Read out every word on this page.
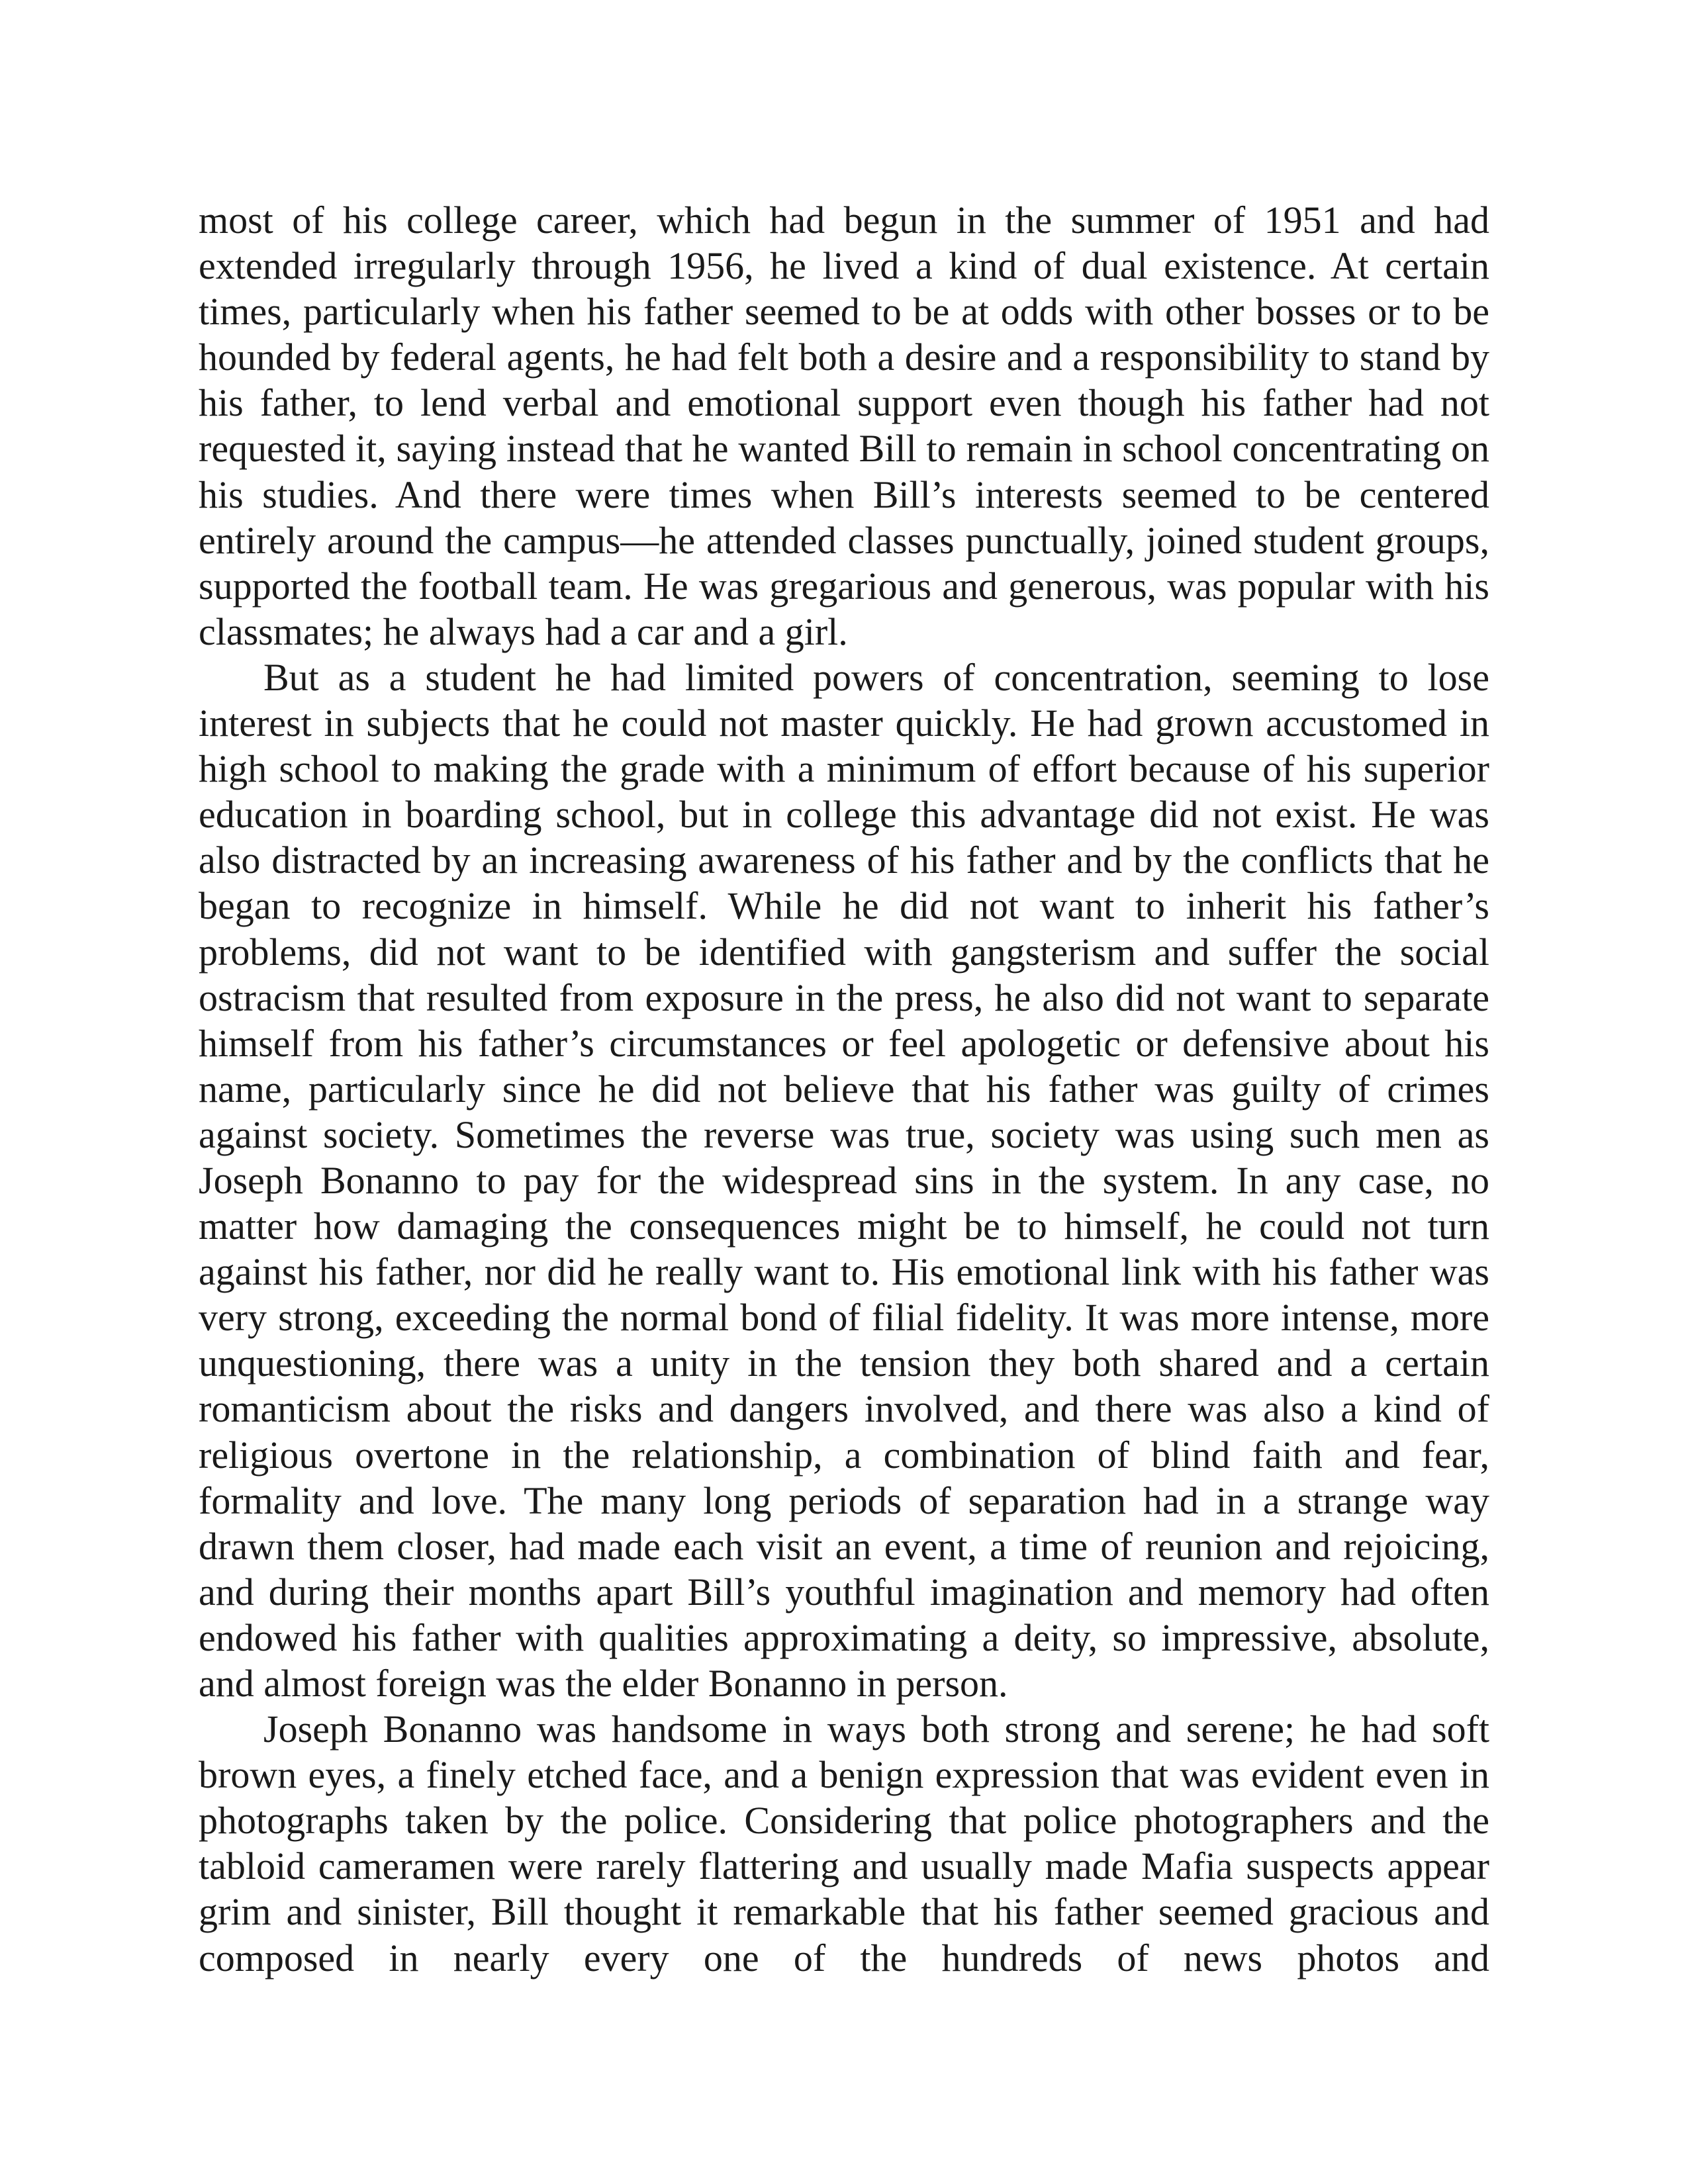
most of his college career, which had begun in the summer of 1951 and had extended irregularly through 1956, he lived a kind of dual existence. At certain times, particularly when his father seemed to be at odds with other bosses or to be hounded by federal agents, he had felt both a desire and a responsibility to stand by his father, to lend verbal and emotional support even though his father had not requested it, saying instead that he wanted Bill to remain in school concentrating on his studies. And there were times when Bill’s interests seemed to be centered entirely around the campus—he attended classes punctually, joined student groups, supported the football team. He was gregarious and generous, was popular with his classmates; he always had a car and a girl.

But as a student he had limited powers of concentration, seeming to lose interest in subjects that he could not master quickly. He had grown accustomed in high school to making the grade with a minimum of effort because of his superior education in boarding school, but in college this advantage did not exist. He was also distracted by an increasing awareness of his father and by the conflicts that he began to recognize in himself. While he did not want to inherit his father’s problems, did not want to be identified with gangsterism and suffer the social ostracism that resulted from exposure in the press, he also did not want to separate himself from his father’s circumstances or feel apologetic or defensive about his name, particularly since he did not believe that his father was guilty of crimes against society. Sometimes the reverse was true, society was using such men as Joseph Bonanno to pay for the widespread sins in the system. In any case, no matter how damaging the consequences might be to himself, he could not turn against his father, nor did he really want to. His emotional link with his father was very strong, exceeding the normal bond of filial fidelity. It was more intense, more unquestioning, there was a unity in the tension they both shared and a certain romanticism about the risks and dangers involved, and there was also a kind of religious overtone in the relationship, a combination of blind faith and fear, formality and love. The many long periods of separation had in a strange way drawn them closer, had made each visit an event, a time of reunion and rejoicing, and during their months apart Bill’s youthful imagination and memory had often endowed his father with qualities approximating a deity, so impressive, absolute, and almost foreign was the elder Bonanno in person.

Joseph Bonanno was handsome in ways both strong and serene; he had soft brown eyes, a finely etched face, and a benign expression that was evident even in photographs taken by the police. Considering that police photographers and the tabloid cameramen were rarely flattering and usually made Mafia suspects appear grim and sinister, Bill thought it remarkable that his father seemed gracious and composed in nearly every one of the hundreds of news photos and
